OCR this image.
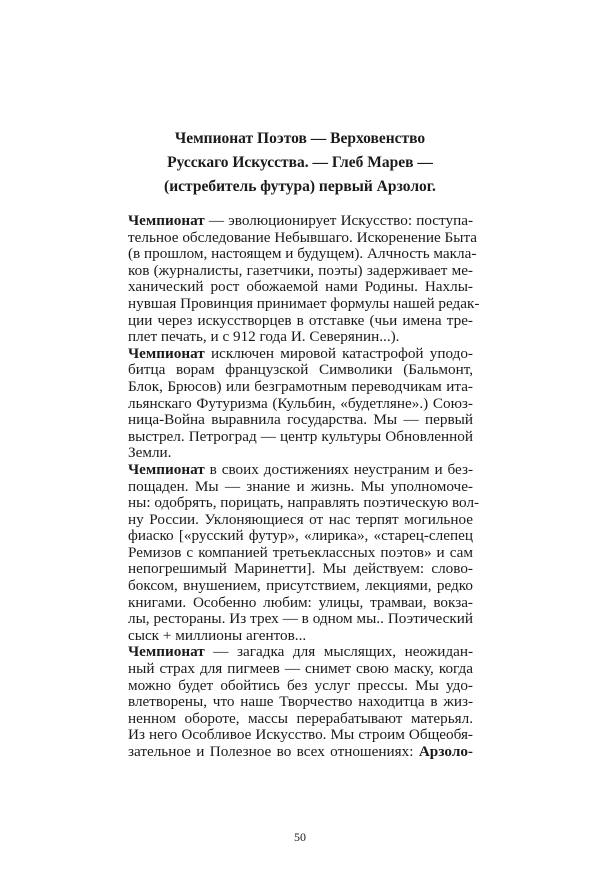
Чемпионат Поэтов — Верховенство
Русскаго Искусства. — Глеб Марев —
(истребитель футура) первый Арзолог.
Чемпионат — эволюционирует Искусство: поступа-
тельное обследование Небывшаго. Искоренение Быта
(в прошлом, настоящем и будущем). Алчность макла-
ков (журналисты, газетчики, поэты) задерживает ме-
ханический рост обожаемой нами Родины. Нахлы-
нувшая Провинция принимает формулы нашей редак-
ции через искусстворцев в отставке (чьи имена тре-
плет печать, и с 912 года И. Северянин...).
Чемпионат исключен мировой катастрофой уподо-
битца ворам французской Символики (Бальмонт,
Блок, Брюсов) или безграмотным переводчикам ита-
льянскаго Футуризма (Кульбин, «будетляне».) Союз-
ница-Война выравнила государства. Мы — первый
выстрел. Петроград — центр культуры Обновленной
Земли.
Чемпионат в своих достижениях неустраним и без-
пощаден. Мы — знание и жизнь. Мы уполномоче-
ны: одобрять, порицать, направлять поэтическую вол-
ну России. Уклоняющиеся от нас терпят могильное
фиаско [«русский футур», «лирика», «старец-слепец
Ремизов с компанией третьеклассных поэтов» и сам
непогрешимый Маринетти]. Мы действуем: слово-
боксом, внушением, присутствием, лекциями, редко
книгами. Особенно любим: улицы, трамваи, вокза-
лы, рестораны. Из трех — в одном мы.. Поэтический
сыск + миллионы агентов...
Чемпионат — загадка для мыслящих, неожидан-
ный страх для пигмеев — снимет свою маску, когда
можно будет обойтись без услуг прессы. Мы удо-
влетворены, что наше Творчество находитца в жиз-
ненном обороте, массы перерабатывают матерьял.
Из него Особливое Искусство. Мы строим Общеобя-
зательное и Полезное во всех отношениях: Арзоло-
50
